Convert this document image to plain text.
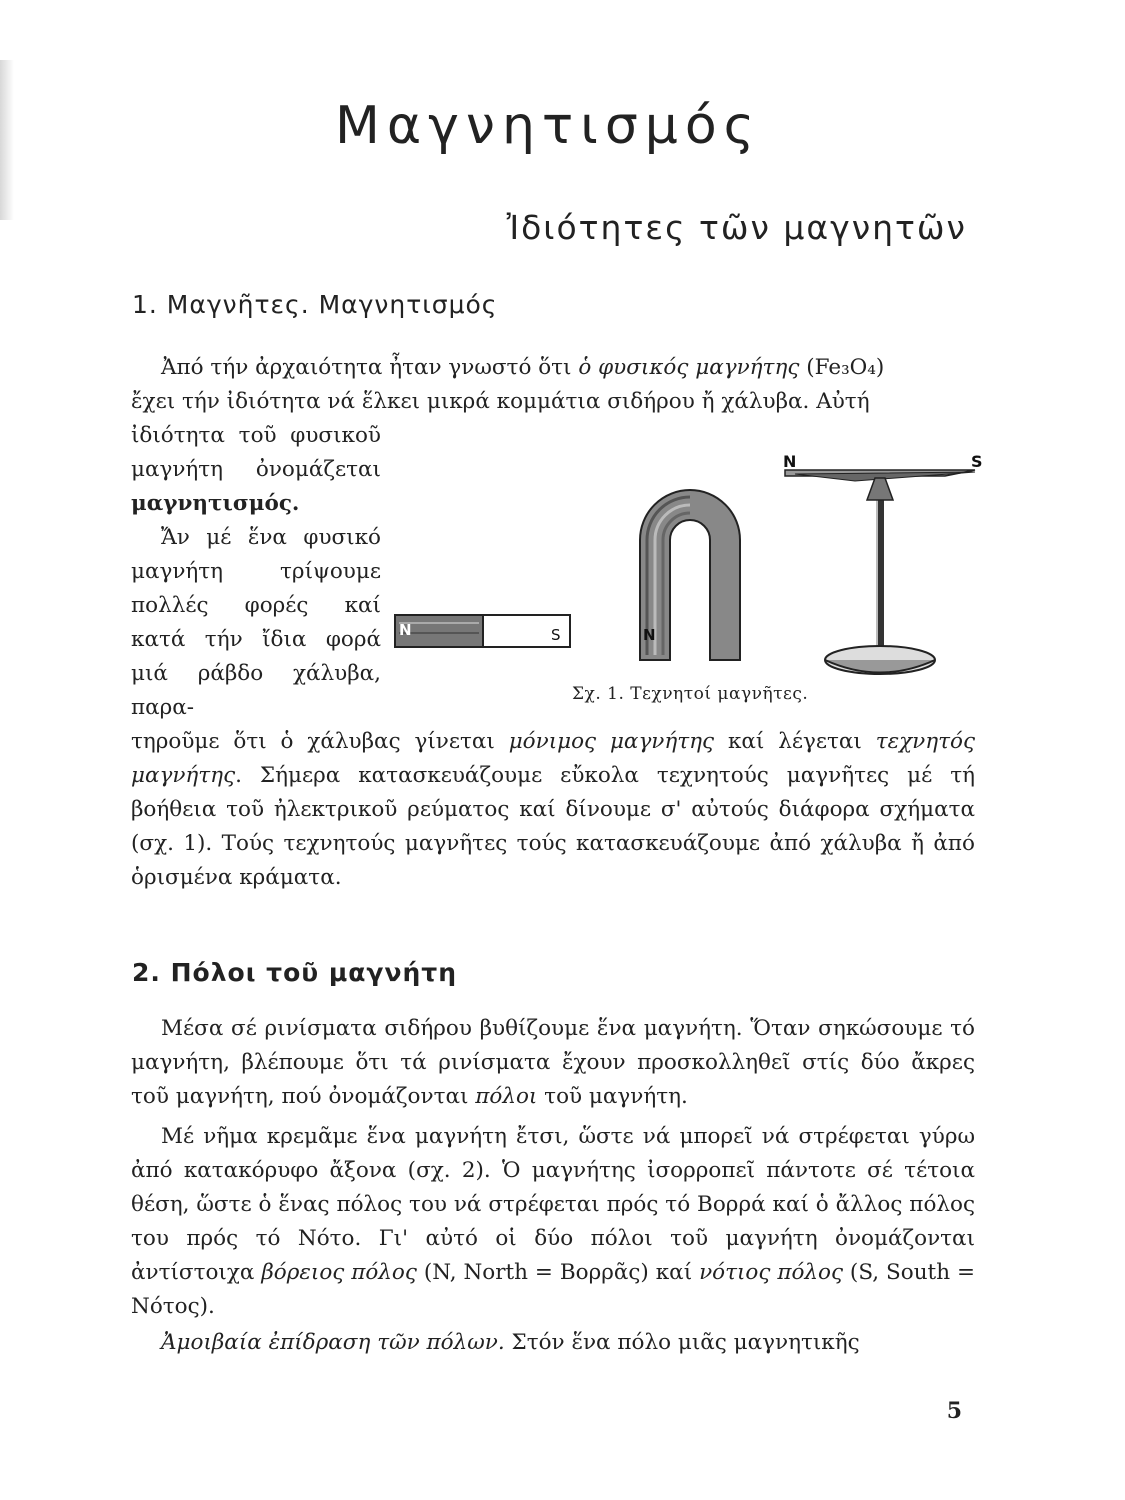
Μαγνητισμός
Ἰδιότητες τῶν μαγνητῶν
1. Μαγνῆτες. Μαγνητισμός

Ἀπό τήν ἀρχαιότητα ἦταν γνωστό ὅτι ὁ φυσικός μαγνήτης (Fe₃O₄)

ἔχει τήν ἰδιότητα νά ἕλκει μικρά κομμάτια σιδήρου ἤ χάλυβα. Αὐτή

ἰδιότητα τοῦ φυσικοῦ μαγνήτη ὀνομάζεται μαγνητισμός.

Ἄν μέ ἕνα φυσικό μαγνήτη τρίψουμε πολλές φορές καί κατά τήν ἴδια φορά μιά ράβδο χάλυβα, παρα-

τηροῦμε ὅτι ὁ χάλυβας γίνεται μόνιμος μαγνήτης καί λέγεται τεχνητός μαγνήτης. Σήμερα κατασκευάζουμε εὔκολα τεχνητούς μαγνῆτες μέ τή βοήθεια τοῦ ἠλεκτρικοῦ ρεύματος καί δίνουμε σ' αὐτούς διάφορα σχήματα (σχ. 1). Τούς τεχνητούς μαγνῆτες τούς κατασκευάζουμε ἀπό χάλυβα ἤ ἀπό ὁρισμένα κράματα.

N
N	S
N	S
Σχ. 1. Τεχνητοί μαγνῆτες.
2. Πόλοι τοῦ μαγνήτη

Μέσα σέ ρινίσματα σιδήρου βυθίζουμε ἕνα μαγνήτη. Ὅταν σηκώσουμε τό μαγνήτη, βλέπουμε ὅτι τά ρινίσματα ἔχουν προσκολληθεῖ στίς δύο ἄκρες τοῦ μαγνήτη, πού ὀνομάζονται πόλοι τοῦ μαγνήτη.

Μέ νῆμα κρεμᾶμε ἕνα μαγνήτη ἔτσι, ὥστε νά μπορεῖ νά στρέφεται γύρω ἀπό κατακόρυφο ἄξονα (σχ. 2). Ὁ μαγνήτης ἰσορροπεῖ πάντοτε σέ τέτοια θέση, ὥστε ὁ ἕνας πόλος του νά στρέφεται πρός τό Βορρά καί ὁ ἄλλος πόλος του πρός τό Νότο. Γι' αὐτό οἱ δύο πόλοι τοῦ μαγνήτη ὀνομάζονται ἀντίστοιχα βόρειος πόλος (N, North = Βορρᾶς) καί νότιος πόλος (S, South = Νότος).

Ἀμοιβαία ἐπίδραση τῶν πόλων. Στόν ἕνα πόλο μιᾶς μαγνητικῆς

5
